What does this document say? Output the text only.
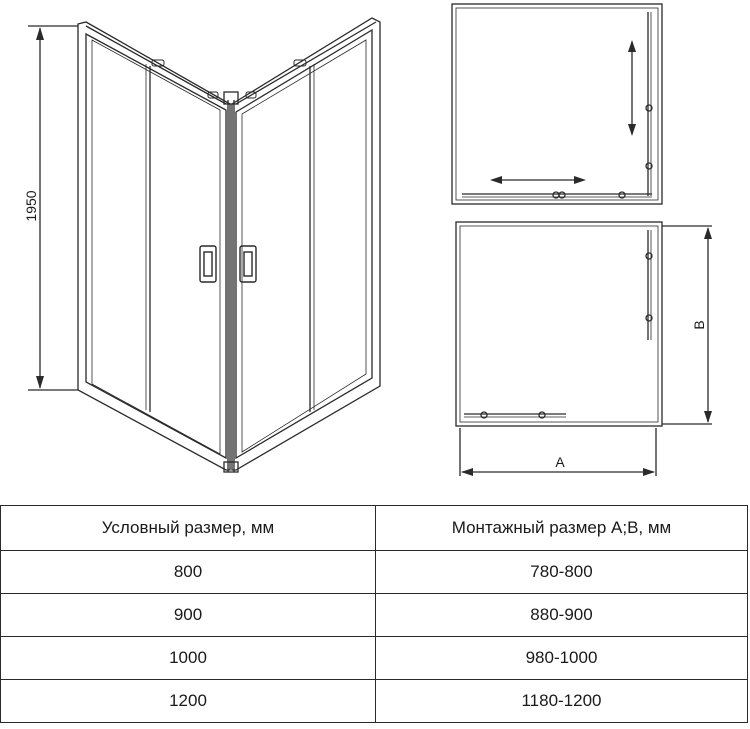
1950
A
B
Условный размер, мм	Монтажный размер A;B, мм
800	780-800
900	880-900
1000	980-1000
1200	1180-1200
